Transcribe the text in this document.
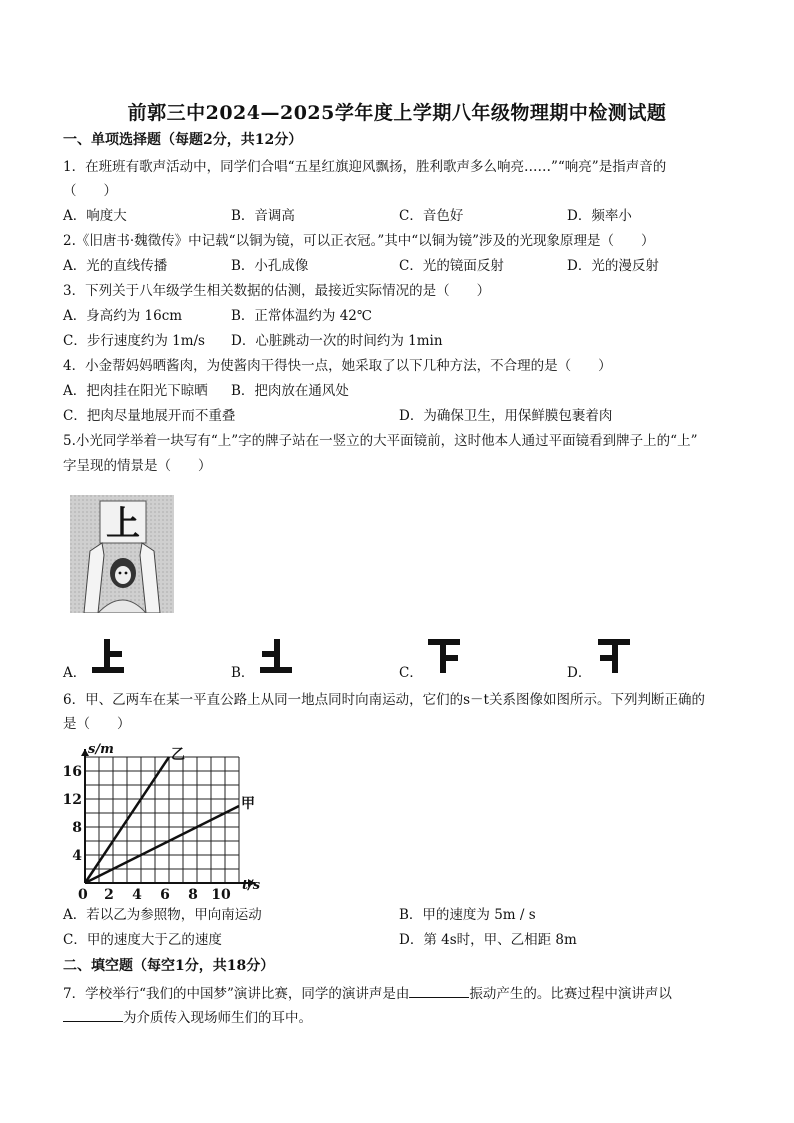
前郭三中2024—2025学年度上学期八年级物理期中检测试题
一、单项选择题（每题2分，共12分）
1．在班班有歌声活动中，同学们合唱“五星红旗迎风飘扬，胜利歌声多么响亮……”“响亮”是指声音的
（　　）
A．响度大	B．音调高	C．音色好	D．频率小
2.《旧唐书·魏徵传》中记载“以铜为镜，可以正衣冠。”其中“以铜为镜”涉及的光现象原理是（　　）
A．光的直线传播	B．小孔成像	C．光的镜面反射	D．光的漫反射
3．下列关于八年级学生相关数据的估测，最接近实际情况的是（　　）
A．身高约为 16cm	B．正常体温约为 42℃
C．步行速度约为 1m/s D．心脏跳动一次的时间约为 1min
4．小金帮妈妈晒酱肉，为使酱肉干得快一点，她采取了以下几种方法，不合理的是（　　）
A．把肉挂在阳光下晾晒 B．把肉放在通风处
C．把肉尽量地展开而不重叠	D．为确保卫生，用保鲜膜包裹着肉
5.小光同学举着一块写有“上”字的牌子站在一竖立的大平面镜前，这时他本人通过平面镜看到牌子上的“上”
字呈现的情景是（　　）
上
A．	B．	C．	D．
6．甲、乙两车在某一平直公路上从同一地点同时向南运动，它们的s－t关系图像如图所示。下列判断正确的
是（　　）
乙
甲
0 2 4 6 8 10
4
8
12
16
t/s
s/m
A．若以乙为参照物，甲向南运动	B．甲的速度为 5m / s
C．甲的速度大于乙的速度	D．第 4s时，甲、乙相距 8m
二、填空题（每空1分，共18分）
7．学校举行“我们的中国梦”演讲比赛，同学的演讲声是由	振动产生的。比赛过程中演讲声以
为介质传入现场师生们的耳中。
